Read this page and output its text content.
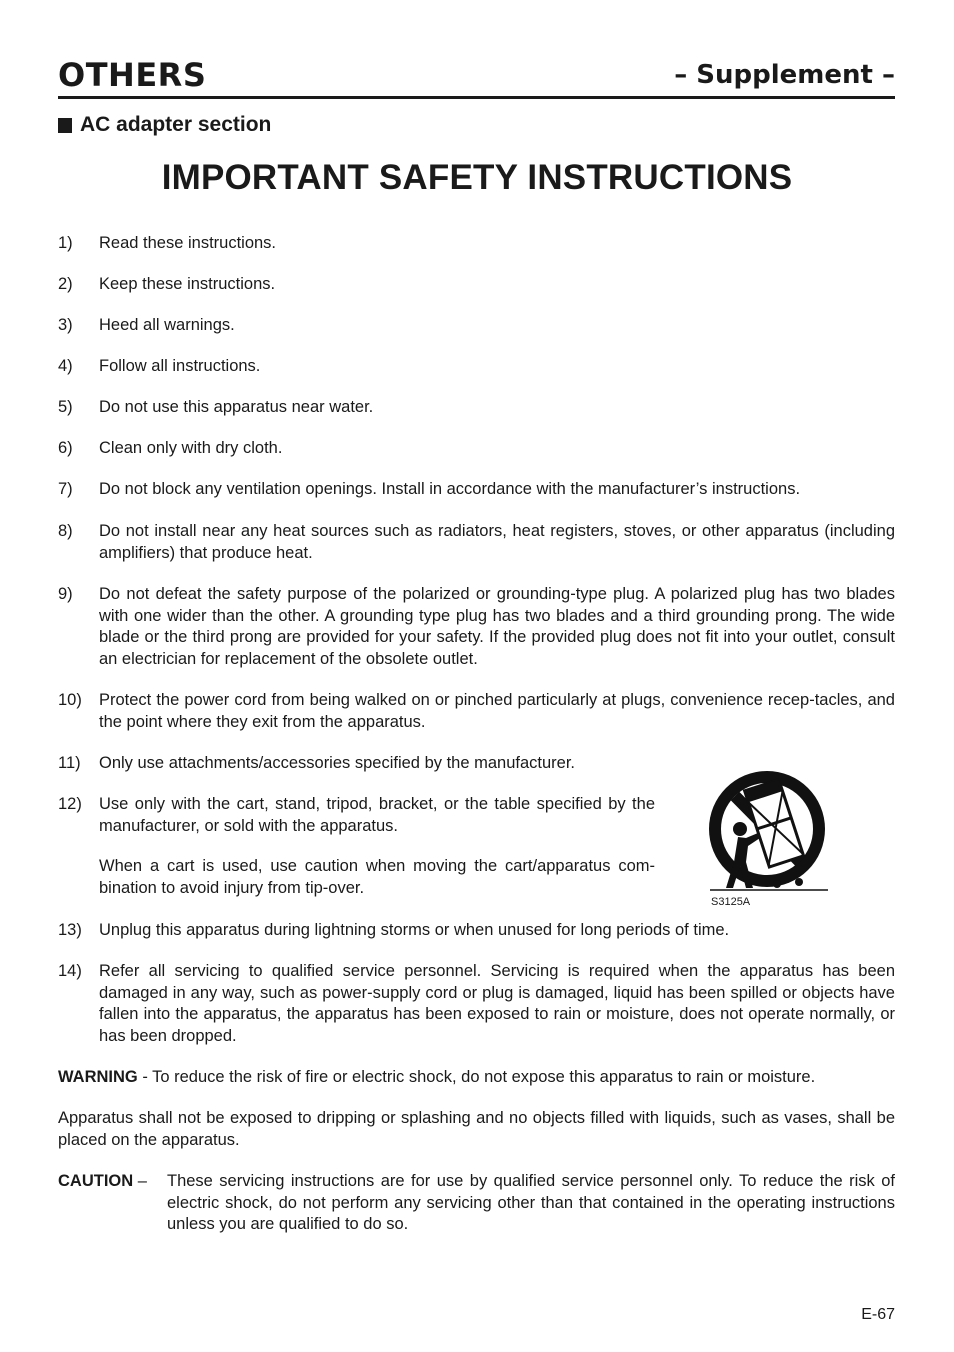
OTHERS	– Supplement –
AC adapter section
IMPORTANT SAFETY INSTRUCTIONS
1) Read these instructions.
2) Keep these instructions.
3) Heed all warnings.
4) Follow all instructions.
5) Do not use this apparatus near water.
6) Clean only with dry cloth.
7) Do not block any ventilation openings. Install in accordance with the manufacturer’s instructions.
8) Do not install near any heat sources such as radiators, heat registers, stoves, or other apparatus (including amplifiers) that produce heat.
9) Do not defeat the safety purpose of the polarized or grounding-type plug. A polarized plug has two blades with one wider than the other. A grounding type plug has two blades and a third grounding prong. The wide blade or the third prong are provided for your safety. If the provided plug does not fit into your outlet, consult an electrician for replacement of the obsolete outlet.
10) Protect the power cord from being walked on or pinched particularly at plugs, convenience recep-tacles, and the point where they exit from the apparatus.
11) Only use attachments/accessories specified by the manufacturer.
12) Use only with the cart, stand, tripod, bracket, or the table specified by the manufacturer, or sold with the apparatus.
When a cart is used, use caution when moving the cart/apparatus com-bination to avoid injury from tip-over.
13) Unplug this apparatus during lightning storms or when unused for long periods of time.
14) Refer all servicing to qualified service personnel. Servicing is required when the apparatus has been damaged in any way, such as power-supply cord or plug is damaged, liquid has been spilled or objects have fallen into the apparatus, the apparatus has been exposed to rain or moisture, does not operate normally, or has been dropped.
S3125A
WARNING - To reduce the risk of fire or electric shock, do not expose this apparatus to rain or moisture.
Apparatus shall not be exposed to dripping or splashing and no objects filled with liquids, such as vases, shall be placed on the apparatus.
CAUTION – These servicing instructions are for use by qualified service personnel only. To reduce the risk of electric shock, do not perform any servicing other than that contained in the operating instructions unless you are qualified to do so.
E-67
